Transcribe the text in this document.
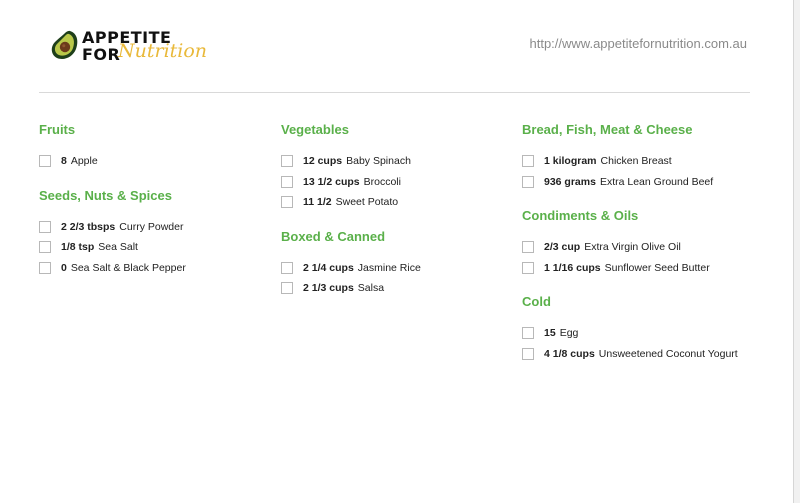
APPETITE
FOR
Nutrition	http://www.appetitefornutrition.com.au
Fruits
8 Apple
Seeds, Nuts & Spices
2 2/3 tbsps Curry Powder
1/8 tsp Sea Salt
0 Sea Salt & Black Pepper
Vegetables
12 cups Baby Spinach
13 1/2 cups Broccoli
11 1/2 Sweet Potato
Boxed & Canned
2 1/4 cups Jasmine Rice
2 1/3 cups Salsa
Bread, Fish, Meat & Cheese
1 kilogram Chicken Breast
936 grams Extra Lean Ground Beef
Condiments & Oils
2/3 cup Extra Virgin Olive Oil
1 1/16 cups Sunflower Seed Butter
Cold
15 Egg
4 1/8 cups Unsweetened Coconut Yogurt
